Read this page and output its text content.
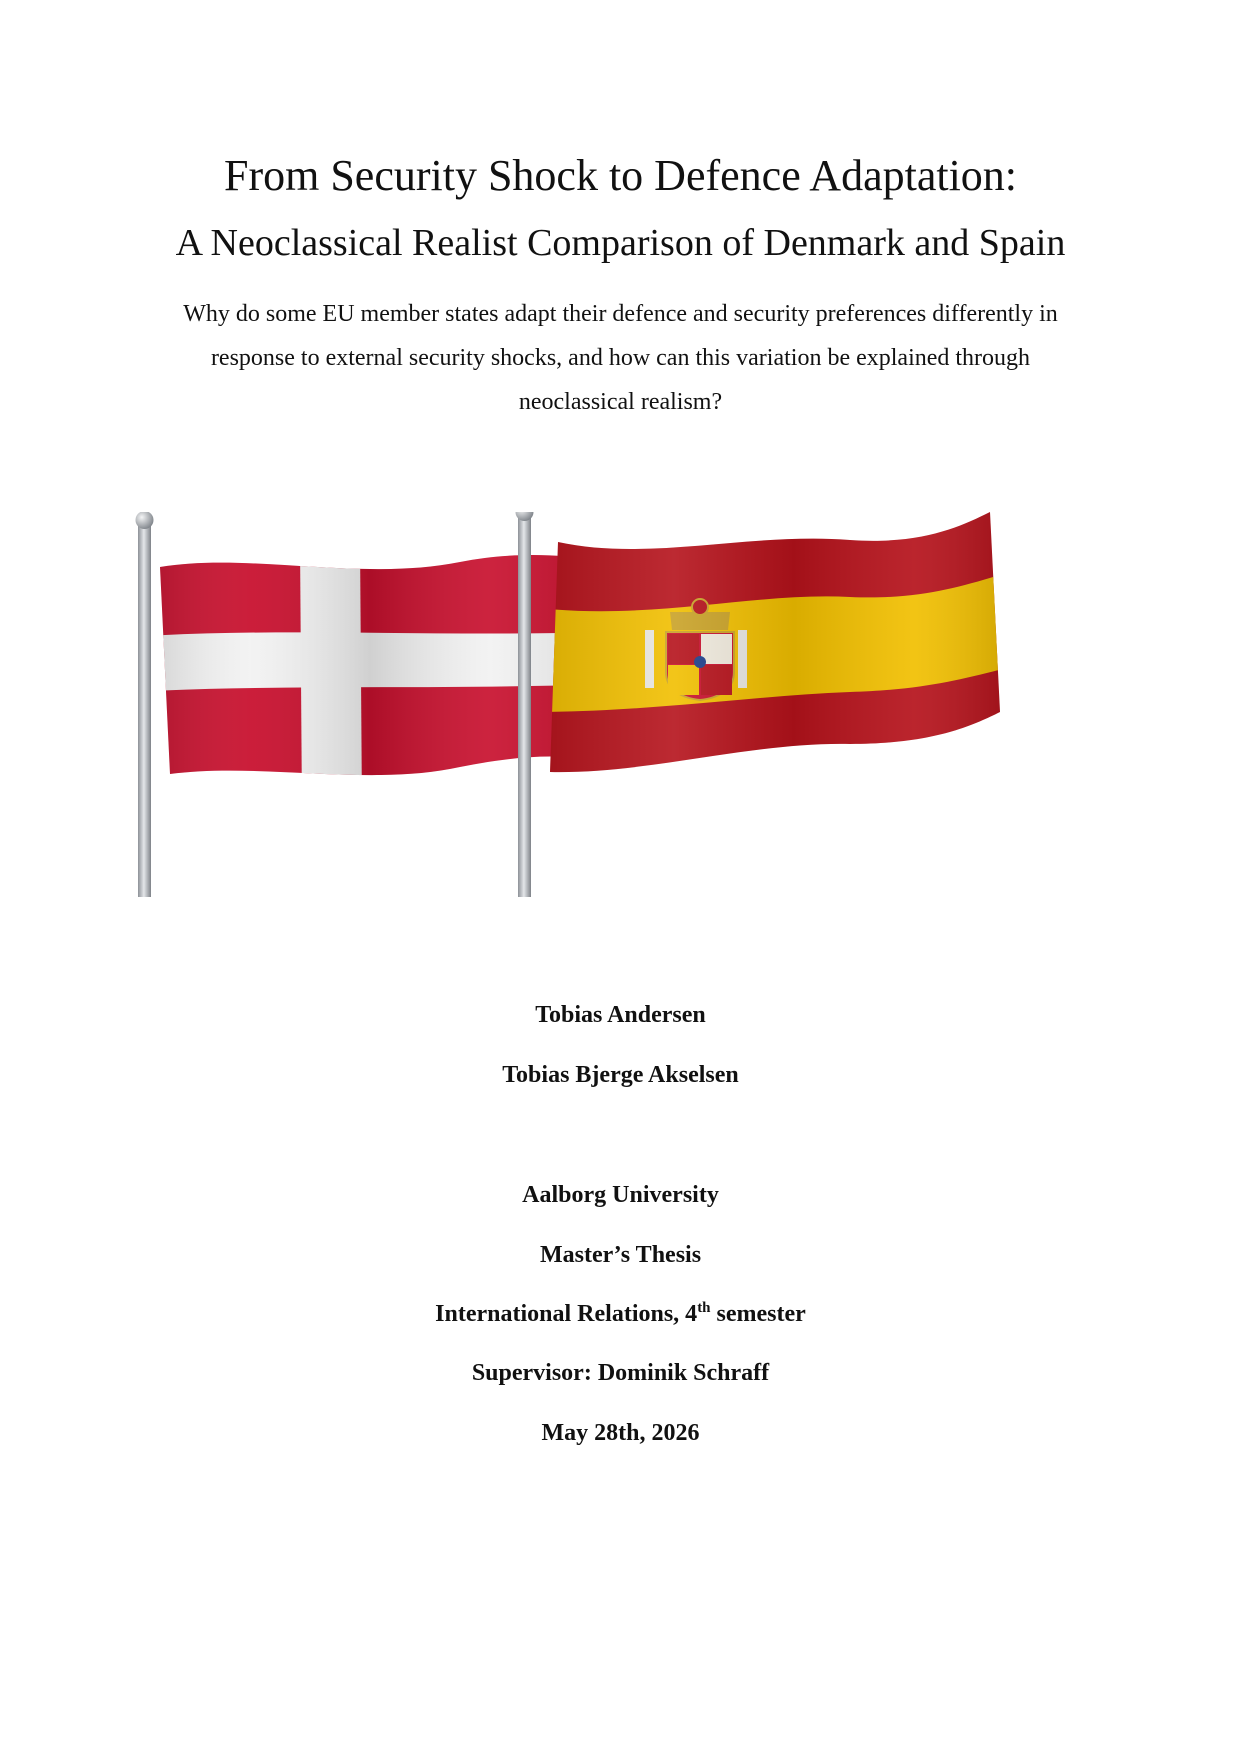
From Security Shock to Defence Adaptation:
A Neoclassical Realist Comparison of Denmark and Spain

Why do some EU member states adapt their defence and security preferences differently in response to external security shocks, and how can this variation be explained through neoclassical realism?

Tobias Andersen

Tobias Bjerge Akselsen

Aalborg University

Master’s Thesis

International Relations, 4th semester

Supervisor: Dominik Schraff

May 28th, 2026
